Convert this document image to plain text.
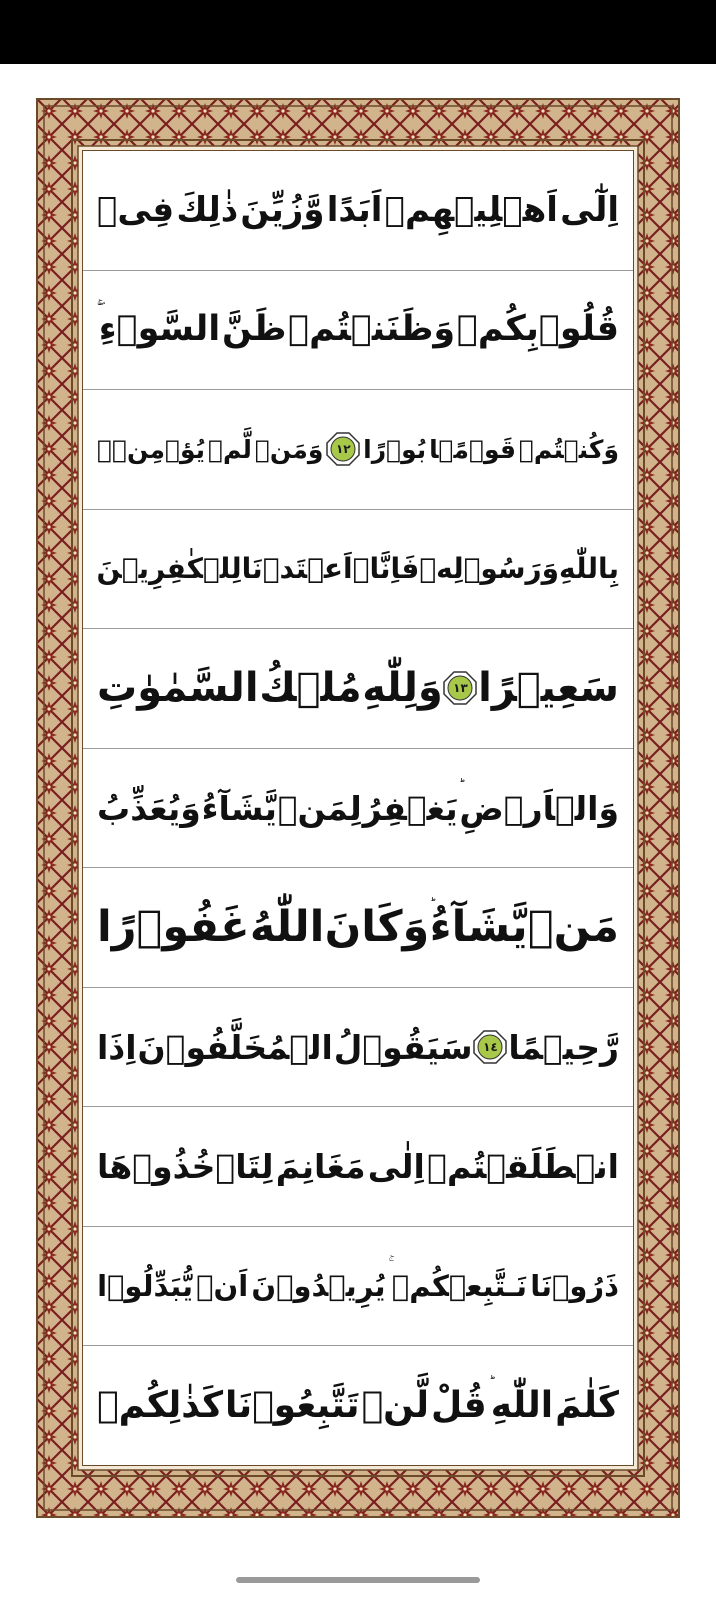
اِلٰٓى
اَهۡلِيۡهِمۡ
اَبَدًا
وَّزُيِّنَ
ذٰلِكَ
فِىۡ
قُلُوۡبِكُمۡ
وَظَنَنۡتُمۡ
ظَنَّ
السَّوۡءِ
وَكُنۡتُمۡ
قَوۡمًۢا
بُوۡرًا
١٢
وَمَنۡ
لَّمۡ
يُؤۡمِنۡۢ
بِاللّٰهِ
وَرَسُوۡلِهٖ
فَاِنَّاۤ
اَعۡتَدۡنَا
لِلۡكٰفِرِيۡنَ
سَعِيۡرًا
١٣
وَلِلّٰهِ
مُلۡكُ
السَّمٰوٰتِ
وَالۡاَرۡضِ
يَغۡفِرُ
لِمَنۡ
يَّشَآءُ
وَيُعَذِّبُ
مَنۡ
يَّشَآءُ
وَكَانَ
اللّٰهُ
غَفُوۡرًا
رَّحِيۡمًا
١٤
سَيَقُوۡلُ
الۡمُخَلَّفُوۡنَ
اِذَا
انۡطَلَقۡتُمۡ
اِلٰى
مَغَانِمَ
لِتَاۡخُذُوۡهَا
ذَرُوۡنَا
نَـتَّبِعۡكُمۡ
يُرِيۡدُوۡنَ
اَنۡ
يُّبَدِّلُوۡا
كَلٰمَ
اللّٰهِ
قُلْ
لَّنۡ
تَتَّبِعُوۡنَا
كَذٰلِكُمۡ
